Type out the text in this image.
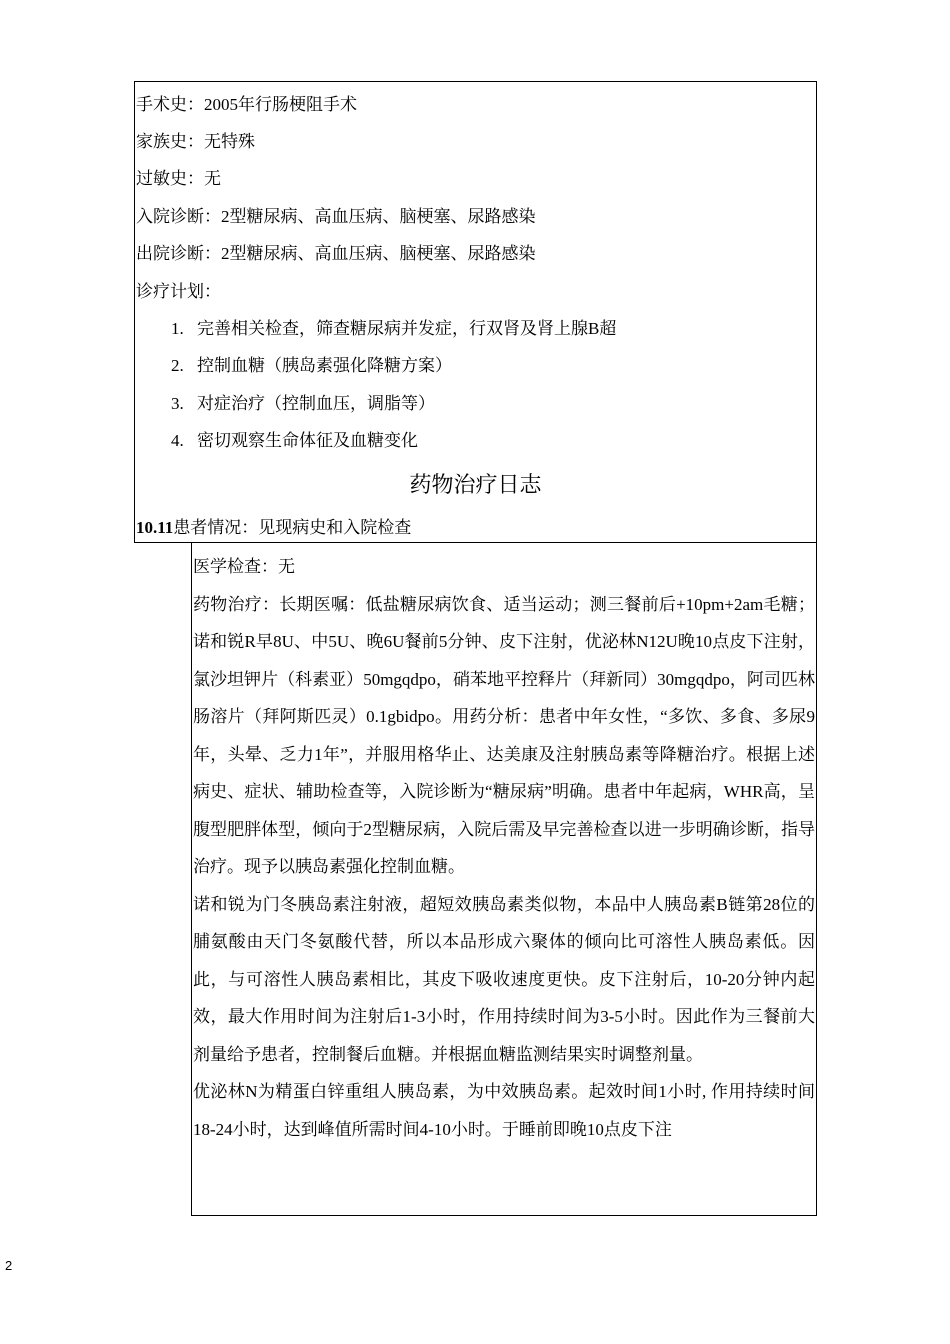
手术史：2005年行肠梗阻手术
家族史：无特殊
过敏史：无
入院诊断：2型糖尿病、高血压病、脑梗塞、尿路感染
出院诊断：2型糖尿病、高血压病、脑梗塞、尿路感染
诊疗计划：
1. 完善相关检查，筛查糖尿病并发症，行双肾及肾上腺B超
2. 控制血糖（胰岛素强化降糖方案）
3. 对症治疗（控制血压，调脂等）
4. 密切观察生命体征及血糖变化
药物治疗日志
10.11患者情况：见现病史和入院检查
医学检查：无
药物治疗：长期医嘱：低盐糖尿病饮食、适当运动；测三餐前后+10pm+2am毛糖；诺和锐R早8U、中5U、晚6U餐前5分钟、皮下注射，优泌林N12U晚10点皮下注射，氯沙坦钾片（科素亚）50mgqdpo，硝苯地平控释片（拜新同）30mgqdpo，阿司匹林肠溶片（拜阿斯匹灵）0.1gbidpo。用药分析：患者中年女性，“多饮、多食、多尿9年，头晕、乏力1年”，并服用格华止、达美康及注射胰岛素等降糖治疗。根据上述病史、症状、辅助检查等，入院诊断为“糖尿病”明确。患者中年起病，WHR高，呈腹型肥胖体型，倾向于2型糖尿病，入院后需及早完善检查以进一步明确诊断，指导治疗。现予以胰岛素强化控制血糖。
诺和锐为门冬胰岛素注射液，超短效胰岛素类似物，本品中人胰岛素B链第28位的脯氨酸由天门冬氨酸代替，所以本品形成六聚体的倾向比可溶性人胰岛素低。因此，与可溶性人胰岛素相比，其皮下吸收速度更快。皮下注射后，10-20分钟内起效，最大作用时间为注射后1-3小时，作用持续时间为3-5小时。因此作为三餐前大剂量给予患者，控制餐后血糖。并根据血糖监测结果实时调整剂量。
优泌林N为精蛋白锌重组人胰岛素，为中效胰岛素。起效时间1小时, 作用持续时间18-24小时，达到峰值所需时间4-10小时。于睡前即晚10点皮下注
2
